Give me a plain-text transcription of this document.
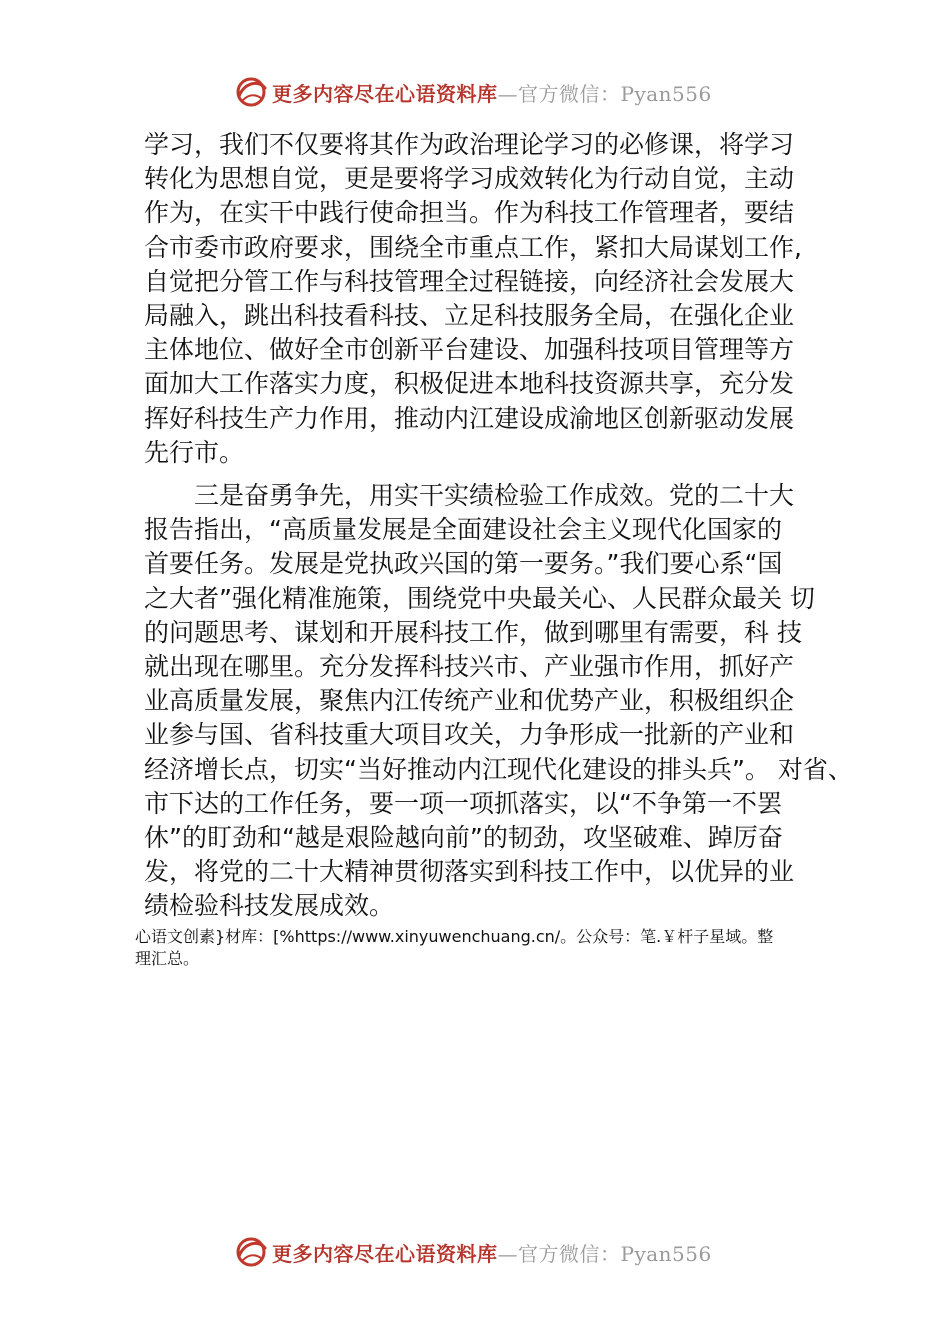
更多内容尽在心语资料库—官方微信：Pyan556
学习，我们不仅要将其作为政治理论学习的必修课，将学习
转化为思想自觉，更是要将学习成效转化为行动自觉，主动
作为，在实干中践行使命担当。作为科技工作管理者，要结
合市委市政府要求，围绕全市重点工作，紧扣大局谋划工作,
自觉把分管工作与科技管理全过程链接，向经济社会发展大
局融入，跳出科技看科技、立足科技服务全局，在强化企业
主体地位、做好全市创新平台建设、加强科技项目管理等方
面加大工作落实力度，积极促进本地科技资源共享，充分发
挥好科技生产力作用，推动内江建设成渝地区创新驱动发展
先行市。
　　三是奋勇争先，用实干实绩检验工作成效。党的二十大
报告指出，“高质量发展是全面建设社会主义现代化国家的
首要任务。发展是党执政兴国的第一要务。”我们要心系“国
之大者”强化精准施策，围绕党中央最关心、人民群众最关 切
的问题思考、谋划和开展科技工作，做到哪里有需要，科 技
就出现在哪里。充分发挥科技兴市、产业强市作用，抓好产
业高质量发展，聚焦内江传统产业和优势产业，积极组织企
业参与国、省科技重大项目攻关，力争形成一批新的产业和
经济增长点，切实“当好推动内江现代化建设的排头兵”。 对省、
市下达的工作任务，要一项一项抓落实，以“不争第一不罢
休”的盯劲和“越是艰险越向前”的韧劲，攻坚破难、踔厉奋
发，将党的二十大精神贯彻落实到科技工作中，以优异的业
绩检验科技发展成效。
心语文创素}材库：[%https://www.xinyuwenchuang.cn/。公众号：笔.￥杆子星域。整
理汇总。
更多内容尽在心语资料库—官方微信：Pyan556
